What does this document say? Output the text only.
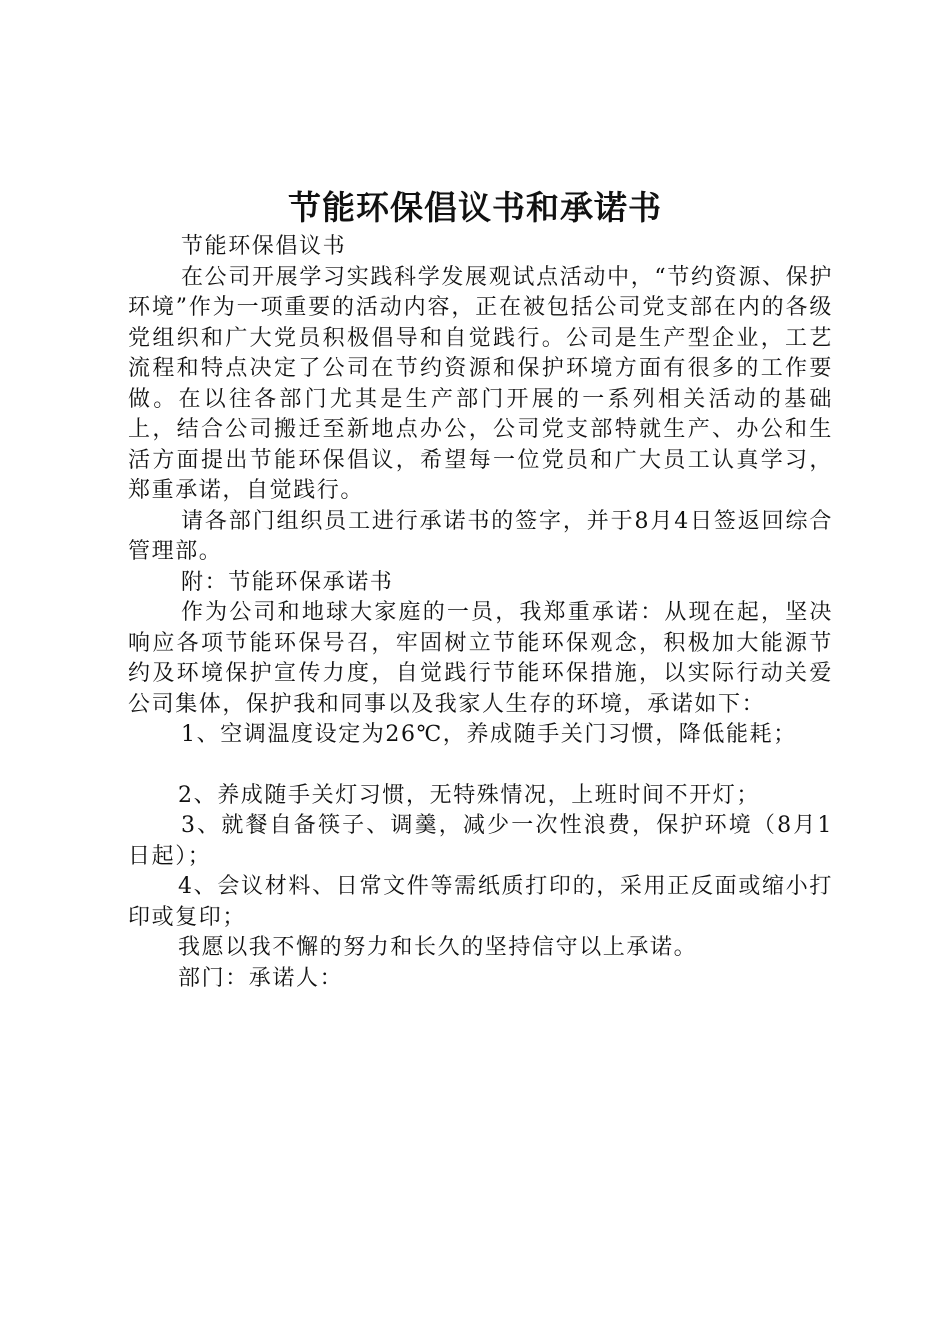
节能环保倡议书和承诺书

节能环保倡议书

在公司开展学习实践科学发展观试点活动中，“节约资源、保护环境”作为一项重要的活动内容，正在被包括公司党支部在内的各级党组织和广大党员积极倡导和自觉践行。公司是生产型企业，工艺流程和特点决定了公司在节约资源和保护环境方面有很多的工作要做。在以往各部门尤其是生产部门开展的一系列相关活动的基础上，结合公司搬迁至新地点办公，公司党支部特就生产、办公和生活方面提出节能环保倡议，希望每一位党员和广大员工认真学习，郑重承诺，自觉践行。

请各部门组织员工进行承诺书的签字，并于8月4日签返回综合管理部。

附：节能环保承诺书

作为公司和地球大家庭的一员，我郑重承诺：从现在起，坚决响应各项节能环保号召，牢固树立节能环保观念，积极加大能源节约及环境保护宣传力度，自觉践行节能环保措施，以实际行动关爱公司集体，保护我和同事以及我家人生存的环境，承诺如下：

1、空调温度设定为26℃，养成随手关门习惯，降低能耗；

2、养成随手关灯习惯，无特殊情况，上班时间不开灯；

3、就餐自备筷子、调羹，减少一次性浪费，保护环境（8月1日起）；

4、会议材料、日常文件等需纸质打印的，采用正反面或缩小打印或复印；

我愿以我不懈的努力和长久的坚持信守以上承诺。

部门：承诺人：
